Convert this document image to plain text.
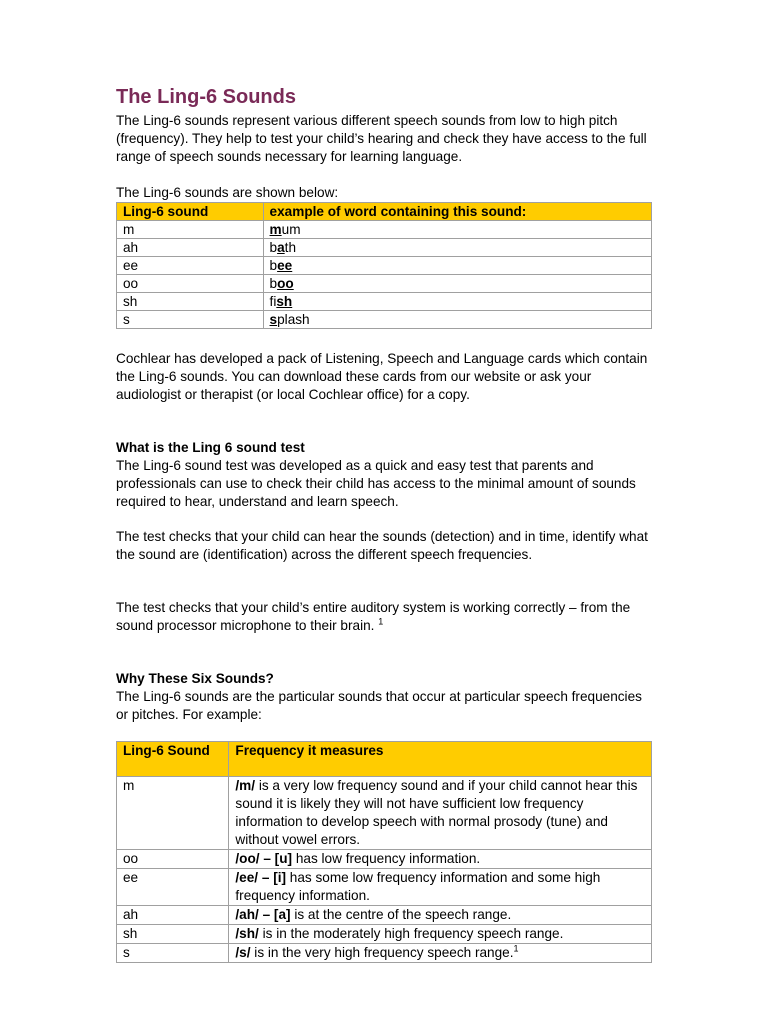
The Ling-6 Sounds

The Ling-6 sounds represent various different speech sounds from low to high pitch (frequency). They help to test your child’s hearing and check they have access to the full range of speech sounds necessary for learning language.

The Ling-6 sounds are shown below:

Ling-6 sound	example of word containing this sound:
m	mum
ah	bath
ee	bee
oo	boo
sh	fish
s	splash

Cochlear has developed a pack of Listening, Speech and Language cards which contain the Ling-6 sounds. You can download these cards from our website or ask your audiologist or therapist (or local Cochlear office) for a copy.

What is the Ling 6 sound test

The Ling-6 sound test was developed as a quick and easy test that parents and professionals can use to check their child has access to the minimal amount of sounds required to hear, understand and learn speech.

The test checks that your child can hear the sounds (detection) and in time, identify what the sound are (identification) across the different speech frequencies.

The test checks that your child’s entire auditory system is working correctly – from the sound processor microphone to their brain. $^1$

Why These Six Sounds?

The Ling-6 sounds are the particular sounds that occur at particular speech frequencies or pitches. For example:

Ling-6 Sound	Frequency it measures
m	/m/ is a very low frequency sound and if your child cannot hear this sound it is likely they will not have sufficient low frequency information to develop speech with normal prosody (tune) and without vowel errors.
oo	/oo/ – [u] has low frequency information.
ee	/ee/ – [i] has some low frequency information and some high frequency information.
ah	/ah/ – [a] is at the centre of the speech range.
sh	/sh/ is in the moderately high frequency speech range.
s	/s/ is in the very high frequency speech range.$^1$
